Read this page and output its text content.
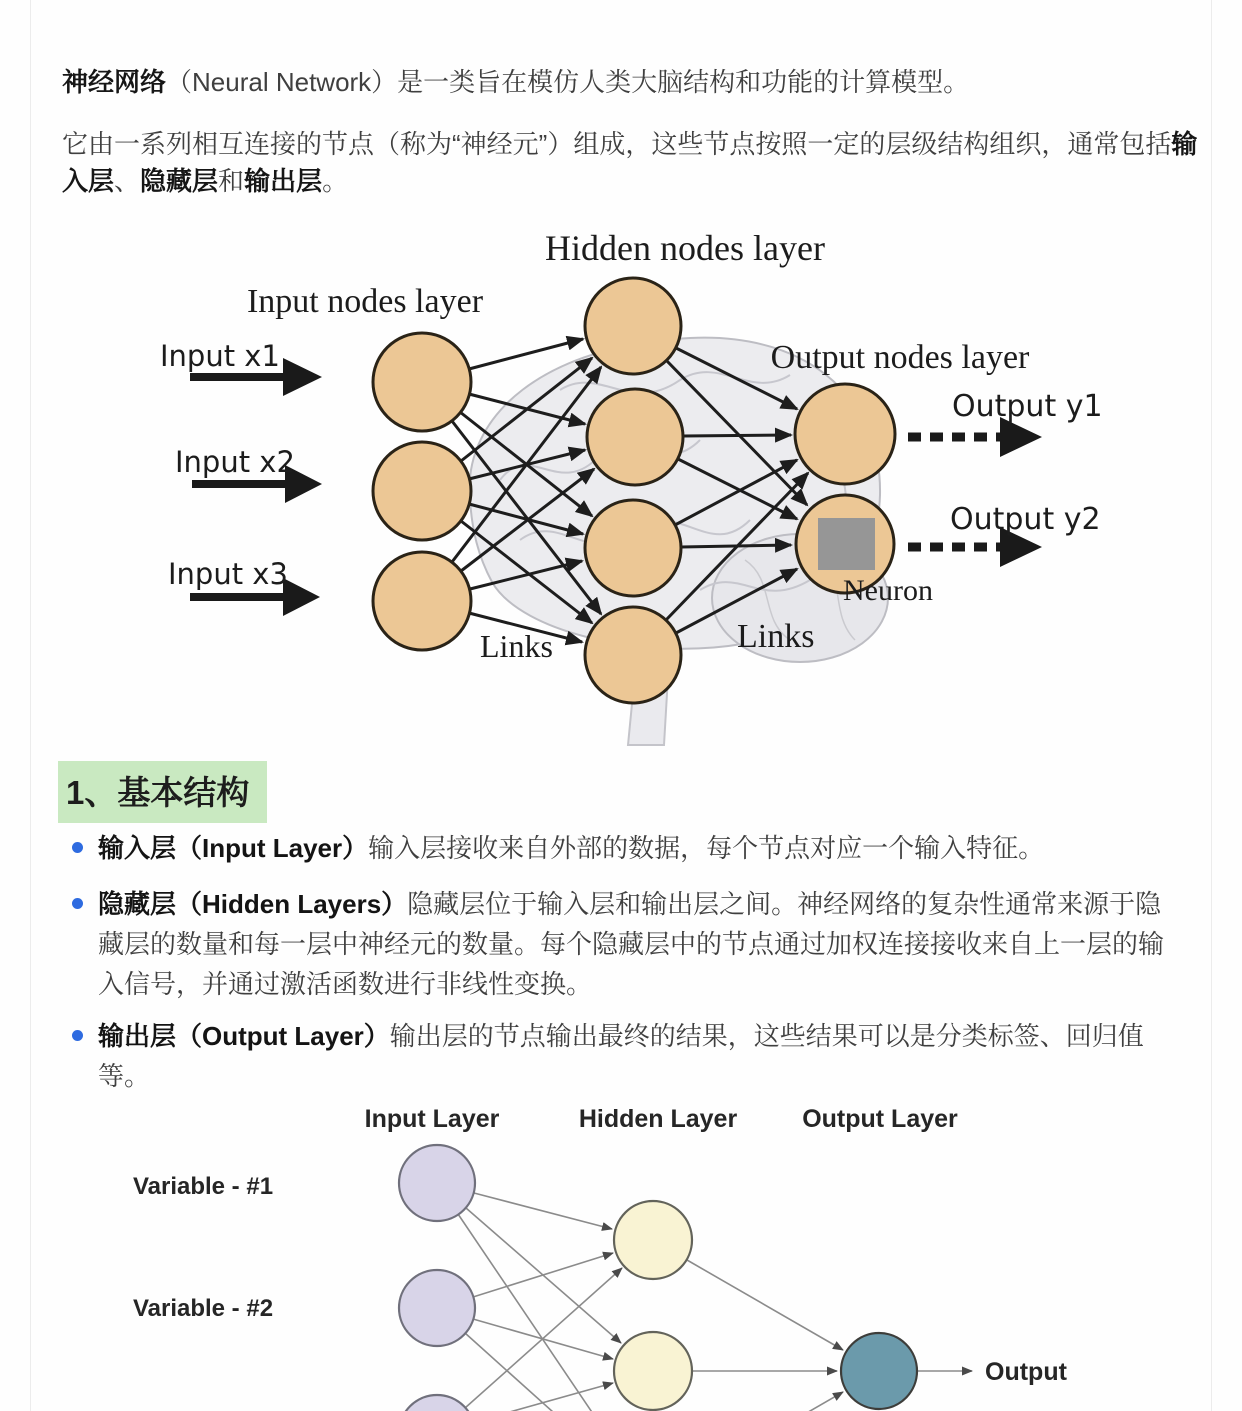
神经网络（Neural Network）是一类旨在模仿人类大脑结构和功能的计算模型。
它由一系列相互连接的节点（称为“神经元”）组成，这些节点按照一定的层级结构组织，通常包括输入层、隐藏层和输出层。
Input nodes layer
Hidden nodes layer
Output nodes layer
Input x1
Input x2
Input x3
Output y1
Output y2
Links	Links
Neuron
1、基本结构
输入层（Input Layer）输入层接收来自外部的数据，每个节点对应一个输入特征。
隐藏层（Hidden Layers）隐藏层位于输入层和输出层之间。神经网络的复杂性通常来源于隐藏层的数量和每一层中神经元的数量。每个隐藏层中的节点通过加权连接接收来自上一层的输入信号，并通过激活函数进行非线性变换。
输出层（Output Layer）输出层的节点输出最终的结果，这些结果可以是分类标签、回归值等。
Input Layer	Hidden Layer	Output Layer
Variable - #1
Variable - #2
Output
